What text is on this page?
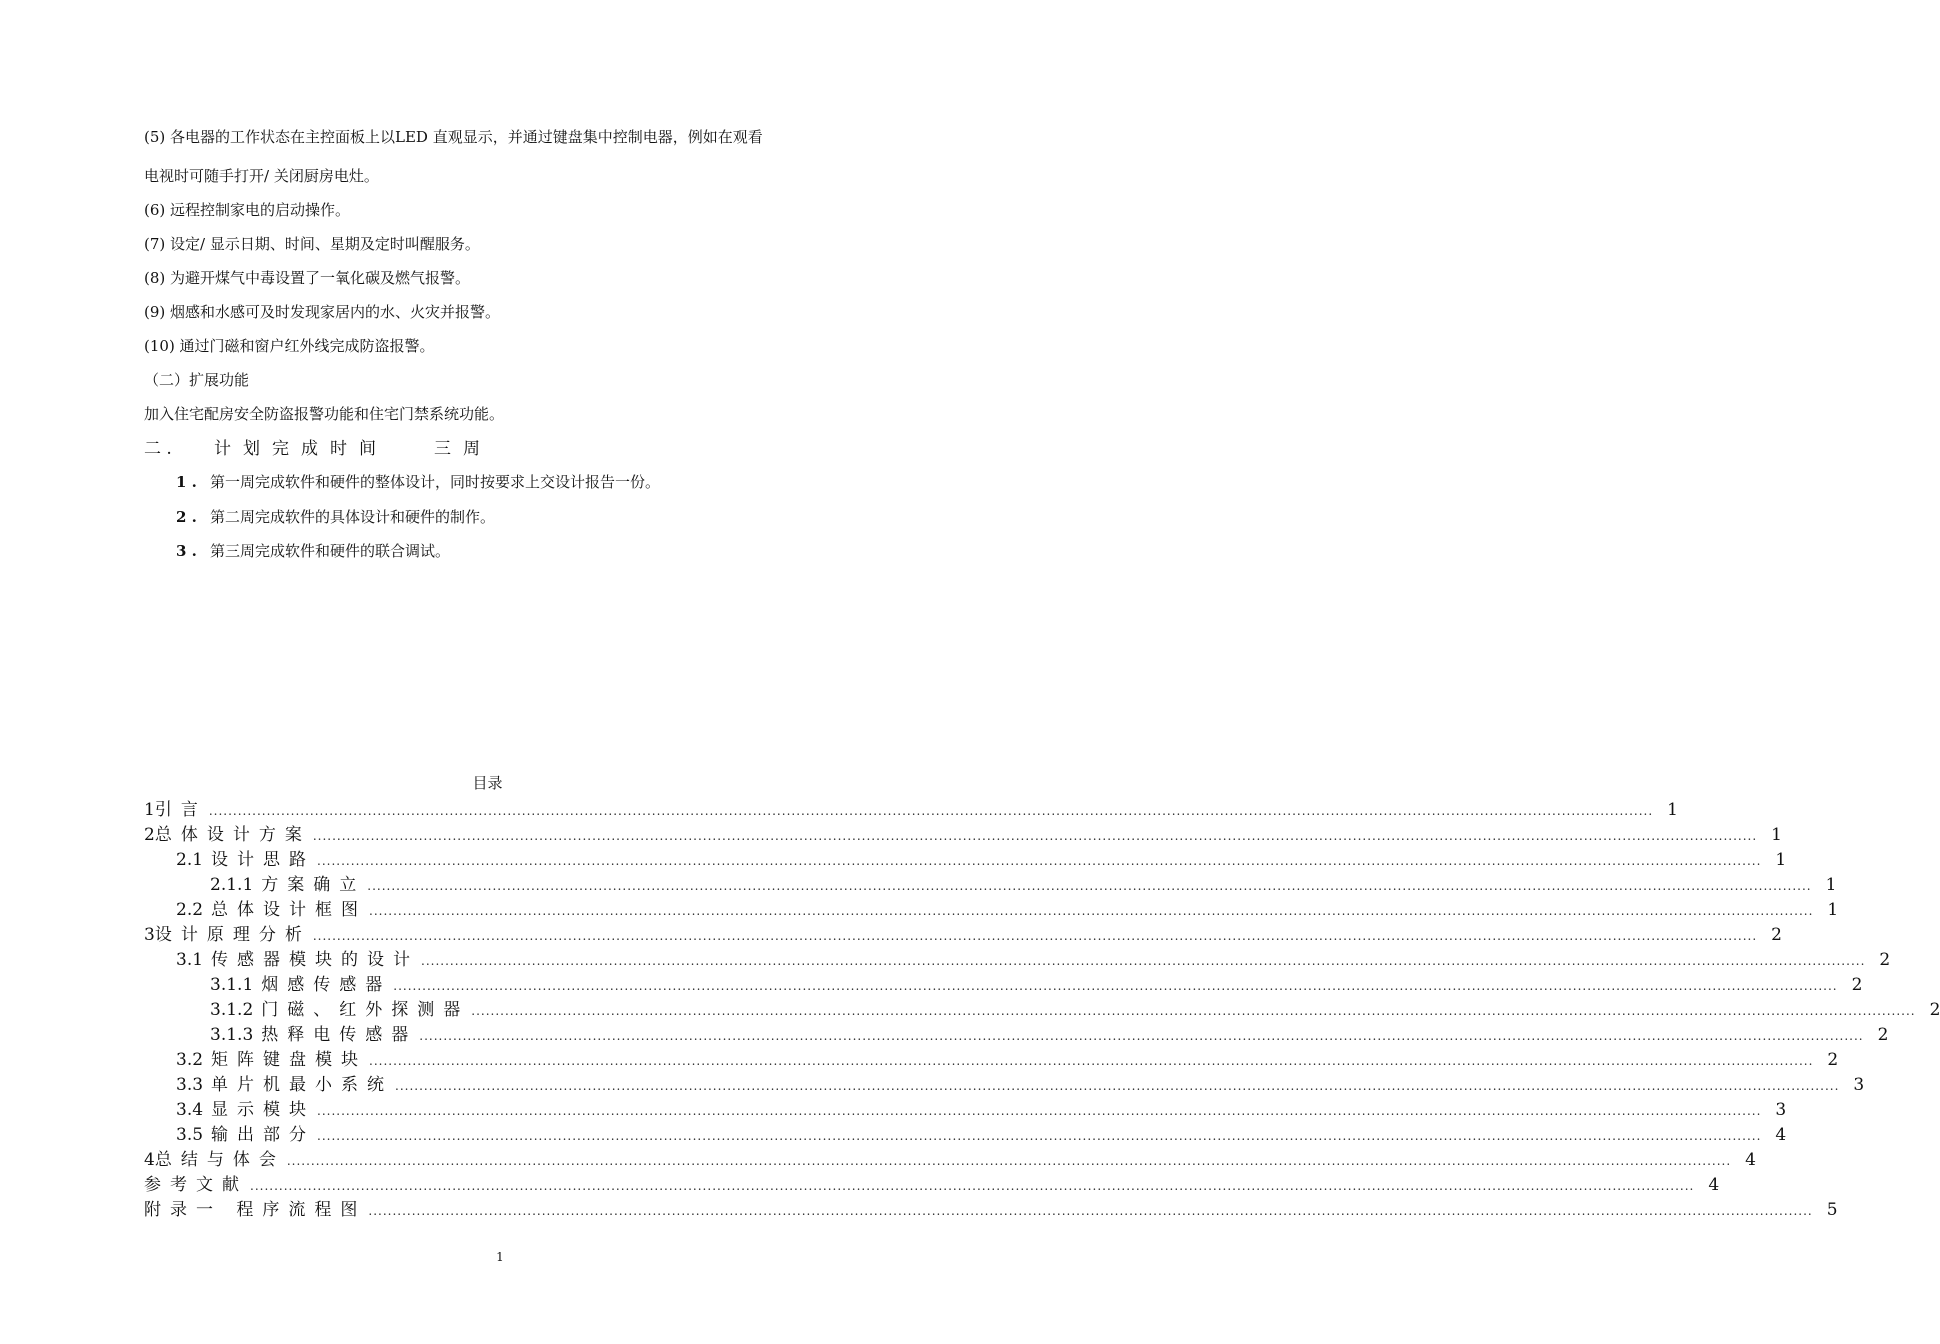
(5) 各电器的工作状态在主控面板上以LED 直观显示，并通过键盘集中控制电器，例如在观看
电视时可随手打开/ 关闭厨房电灶。
(6) 远程控制家电的启动操作。
(7) 设定/ 显示日期、时间、星期及定时叫醒服务。
(8) 为避开煤气中毒设置了一氧化碳及燃气报警。
(9) 烟感和水感可及时发现家居内的水、火灾并报警。
(10) 通过门磁和窗户红外线完成防盗报警。
（二）扩展功能
加入住宅配房安全防盗报警功能和住宅门禁系统功能。
二 . 计划完成时间	三周
1 . 第一周完成软件和硬件的整体设计，同时按要求上交设计报告一份。
2 . 第二周完成软件的具体设计和硬件的制作。
3 . 第三周完成软件和硬件的联合调试。
目录
1 引言 ............................................................................................................................................................................................................................................................................................................ 1
2 总体设计方案 ............................................................................................................................................................................................................................................................................................................ 1
2.1 设计思路 ............................................................................................................................................................................................................................................................................................................ 1
2.1.1 方案确立 ............................................................................................................................................................................................................................................................................................................ 1
2.2 总体设计框图 ............................................................................................................................................................................................................................................................................................................ 1
3 设计原理分析 ............................................................................................................................................................................................................................................................................................................ 2
3.1 传感器模块的设计 ............................................................................................................................................................................................................................................................................................................ 2
3.1.1 烟感传感器 ............................................................................................................................................................................................................................................................................................................ 2
3.1.2 门磁、红外探测器 ............................................................................................................................................................................................................................................................................................................ 2
3.1.3 热释电传感器 ............................................................................................................................................................................................................................................................................................................ 2
3.2 矩阵键盘模块 ............................................................................................................................................................................................................................................................................................................ 2
3.3 单片机最小系统 ............................................................................................................................................................................................................................................................................................................ 3
3.4 显示模块 ............................................................................................................................................................................................................................................................................................................ 3
3.5 输出部分 ............................................................................................................................................................................................................................................................................................................ 4
4 总结与体会 ............................................................................................................................................................................................................................................................................................................ 4
参考文献 ............................................................................................................................................................................................................................................................................................................ 4
附录一 程序流程图 ............................................................................................................................................................................................................................................................................................................ 5
1
